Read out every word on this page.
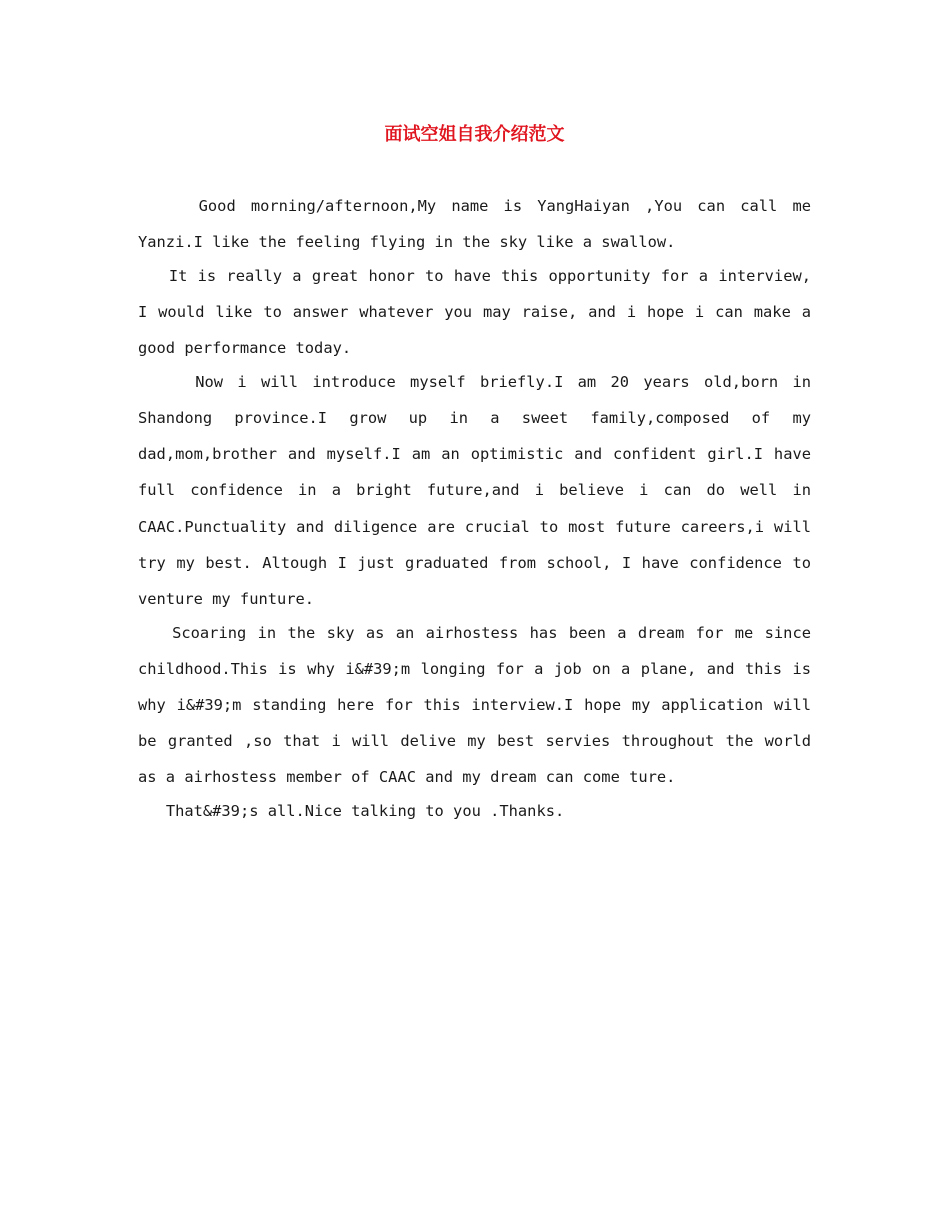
面试空姐自我介绍范文

Good morning/afternoon,My name is YangHaiyan ,You can call me Yanzi.I like the feeling flying in the sky like a swallow.

It is really a great honor to have this opportunity for a interview, I would like to answer whatever you may raise, and i hope i can make a good performance today.

Now i will introduce myself briefly.I am 20 years old,born in Shandong province.I grow up in a sweet family,composed of my dad,mom,brother and myself.I am an optimistic and confident girl.I have full confidence in a bright future,and i believe i can do well in CAAC.Punctuality and diligence are crucial to most future careers,i will try my best. Altough I just graduated from school, I have confidence to venture my funture.

Scoaring in the sky as an airhostess has been a dream for me since childhood.This is why i&#39;m longing for a job on a plane, and this is why i&#39;m standing here for this interview.I hope my application will be granted ,so that i will delive my best servies throughout the world as a airhostess member of CAAC and my dream can come ture.

That&#39;s all.Nice talking to you .Thanks.
